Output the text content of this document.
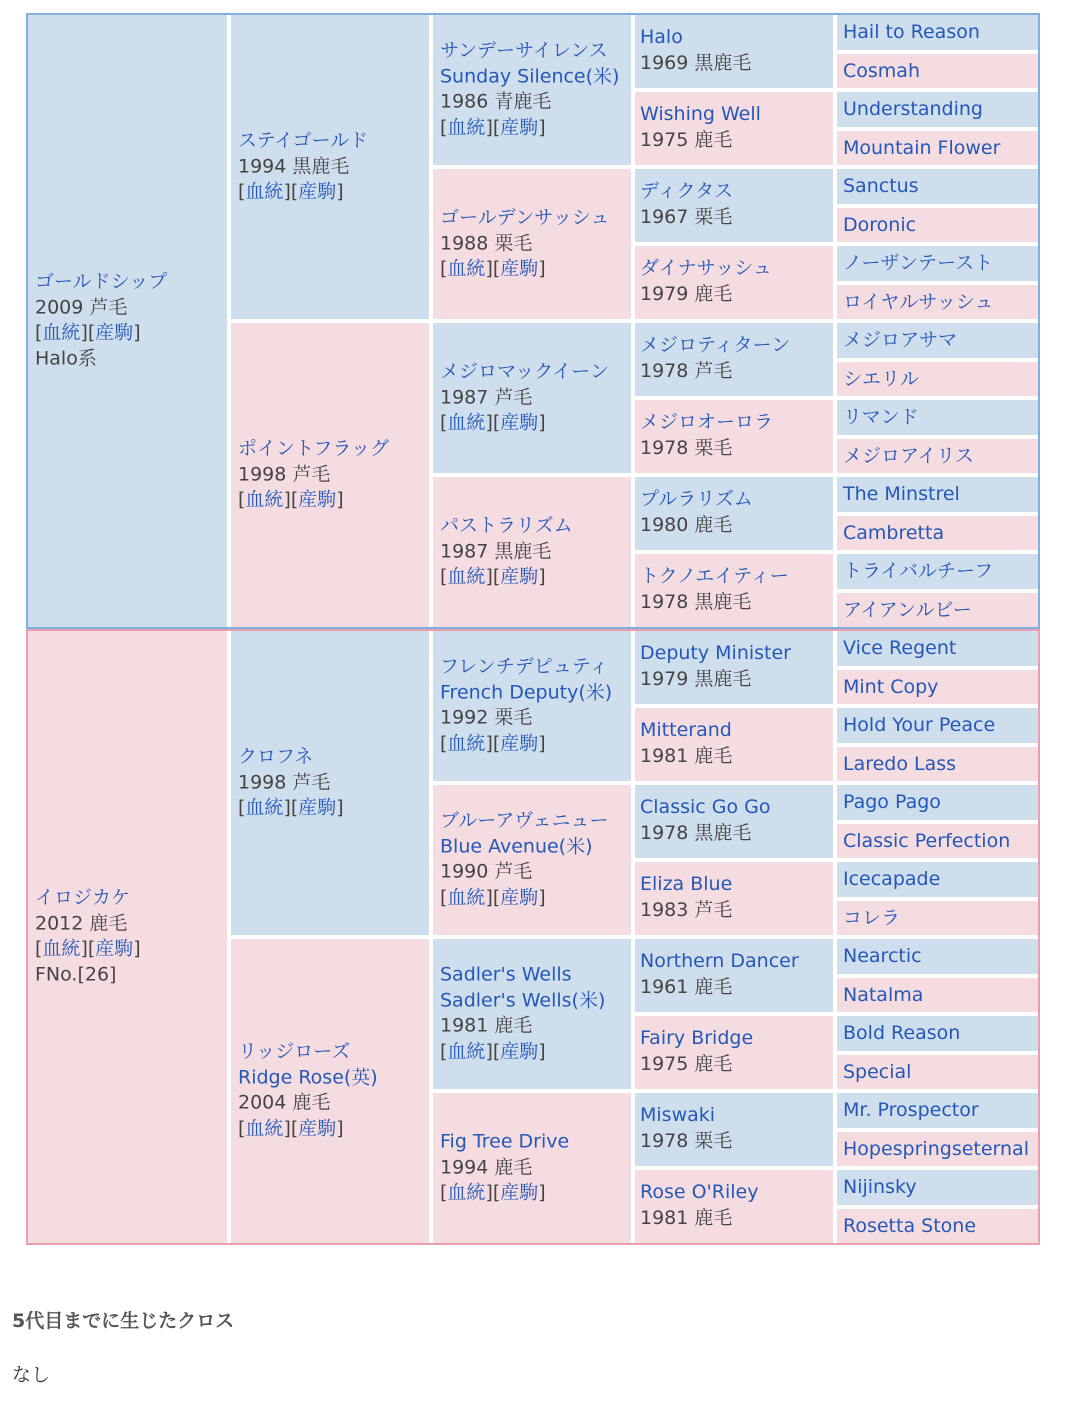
ゴールドシップ
2009 芦毛
[血統][産駒]
Halo系
イロジカケ
2012 鹿毛
[血統][産駒]
FNo.[26]
ステイゴールド
1994 黒鹿毛
[血統][産駒]
ポイントフラッグ
1998 芦毛
[血統][産駒]
クロフネ
1998 芦毛
[血統][産駒]
リッジローズ
Ridge Rose(英)
2004 鹿毛
[血統][産駒]
サンデーサイレンス
Sunday Silence(米)
1986 青鹿毛
[血統][産駒]
ゴールデンサッシュ
1988 栗毛
[血統][産駒]
メジロマックイーン
1987 芦毛
[血統][産駒]
パストラリズム
1987 黒鹿毛
[血統][産駒]
フレンチデピュティ
French Deputy(米)
1992 栗毛
[血統][産駒]
ブルーアヴェニュー
Blue Avenue(米)
1990 芦毛
[血統][産駒]
Sadler's Wells
Sadler's Wells(米)
1981 鹿毛
[血統][産駒]
Fig Tree Drive
1994 鹿毛
[血統][産駒]
Halo
1969 黒鹿毛
Wishing Well
1975 鹿毛
ディクタス
1967 栗毛
ダイナサッシュ
1979 鹿毛
メジロティターン
1978 芦毛
メジロオーロラ
1978 栗毛
プルラリズム
1980 鹿毛
トクノエイティー
1978 黒鹿毛
Deputy Minister
1979 黒鹿毛
Mitterand
1981 鹿毛
Classic Go Go
1978 黒鹿毛
Eliza Blue
1983 芦毛
Northern Dancer
1961 鹿毛
Fairy Bridge
1975 鹿毛
Miswaki
1978 栗毛
Rose O'Riley
1981 鹿毛
Hail to Reason
Cosmah
Understanding
Mountain Flower
Sanctus
Doronic
ノーザンテースト
ロイヤルサッシュ
メジロアサマ
シエリル
リマンド
メジロアイリス
The Minstrel
Cambretta
トライバルチーフ
アイアンルビー
Vice Regent
Mint Copy
Hold Your Peace
Laredo Lass
Pago Pago
Classic Perfection
Icecapade
コレラ
Nearctic
Natalma
Bold Reason
Special
Mr. Prospector
Hopespringseternal
Nijinsky
Rosetta Stone
5代目までに生じたクロス
なし
